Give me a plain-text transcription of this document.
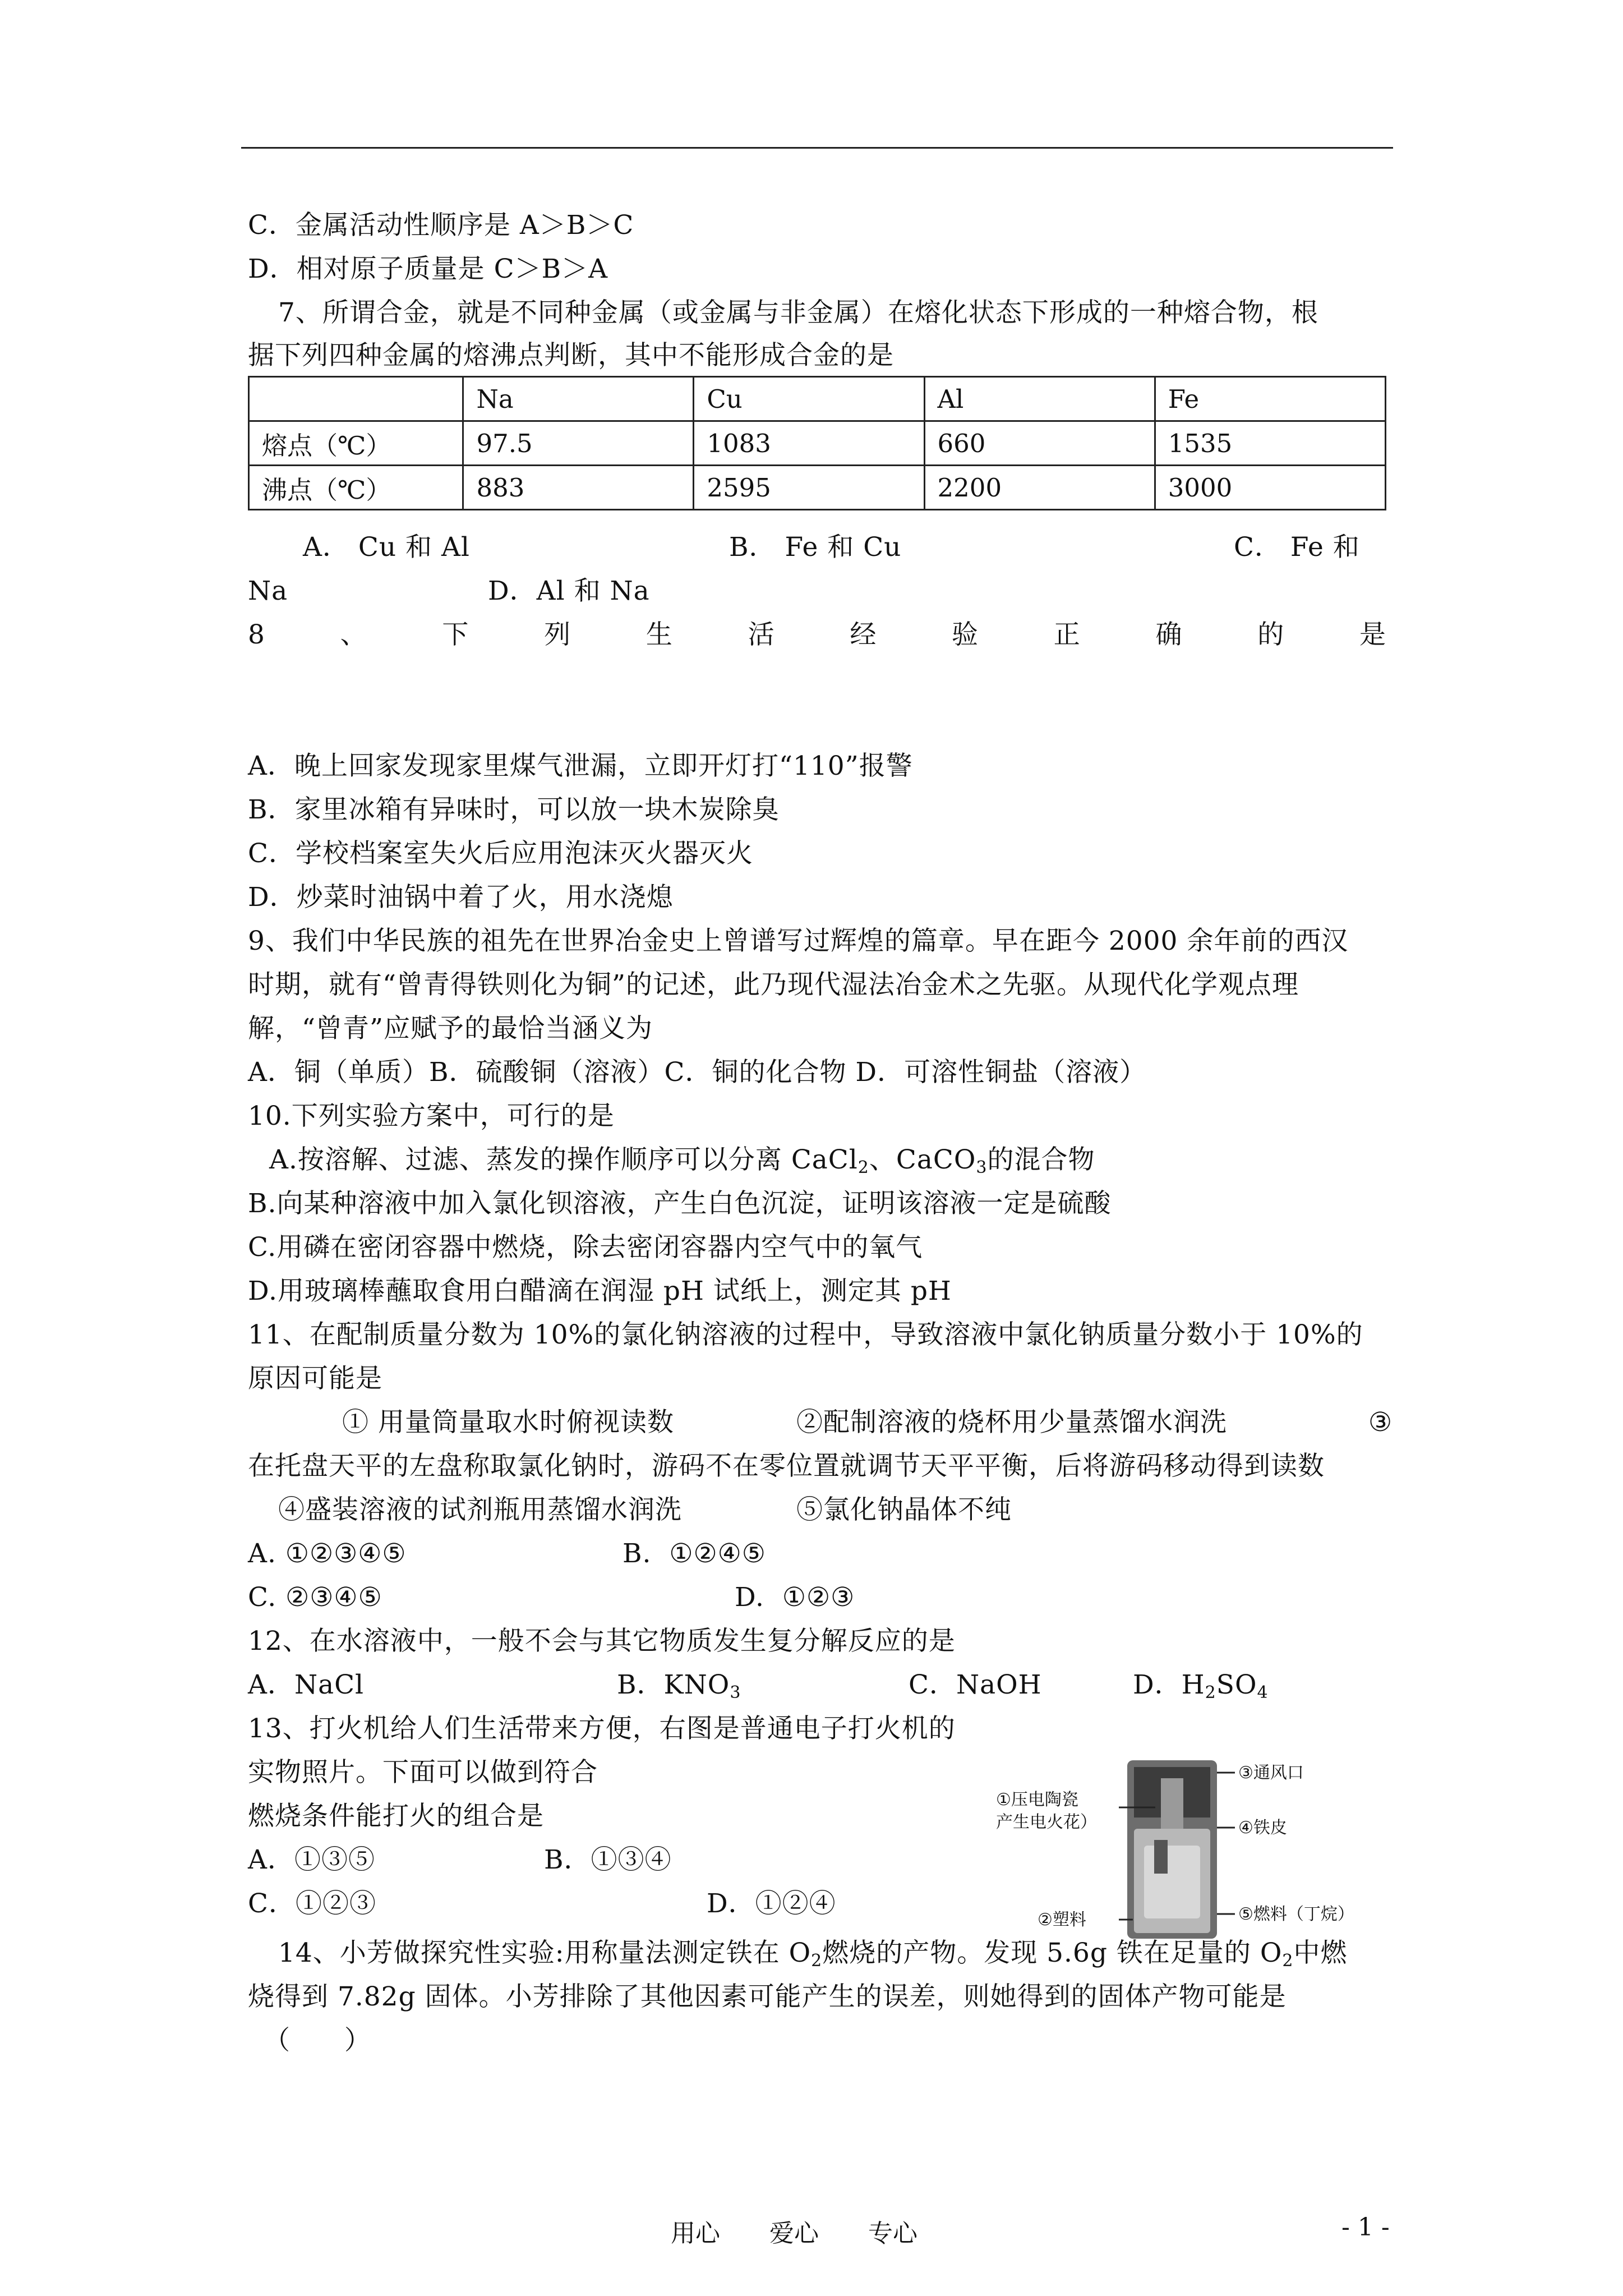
C．金属活动性顺序是 A＞B＞C
D．相对原子质量是 C＞B＞A
7、所谓合金，就是不同种金属（或金属与非金属）在熔化状态下形成的一种熔合物，根
据下列四种金属的熔沸点判断，其中不能形成合金的是
	Na	Cu	Al	Fe
熔点（℃）	97.5	1083	660	1535
沸点（℃）	883	2595	2200	3000
A． Cu 和 Al	B． Fe 和 Cu	C． Fe 和
Na	D．Al 和 Na
8	、	下	列	生	活	经	验	正	确	的	是
A．晚上回家发现家里煤气泄漏，立即开灯打“110”报警
B．家里冰箱有异味时，可以放一块木炭除臭
C．学校档案室失火后应用泡沫灭火器灭火
D．炒菜时油锅中着了火，用水浇熄
9、我们中华民族的祖先在世界冶金史上曾谱写过辉煌的篇章。早在距今 2000 余年前的西汉
时期，就有“曾青得铁则化为铜”的记述，此乃现代湿法冶金术之先驱。从现代化学观点理
解，“曾青”应赋予的最恰当涵义为
A．铜（单质）B．硫酸铜（溶液）C．铜的化合物 D．可溶性铜盐（溶液）
10.下列实验方案中，可行的是
A.按溶解、过滤、蒸发的操作顺序可以分离 CaCl$_2$、CaCO$_3$的混合物
B.向某种溶液中加入氯化钡溶液，产生白色沉淀，证明该溶液一定是硫酸
C.用磷在密闭容器中燃烧，除去密闭容器内空气中的氧气
D.用玻璃棒蘸取食用白醋滴在润湿 pH 试纸上，测定其 pH
11、在配制质量分数为 10%的氯化钠溶液的过程中，导致溶液中氯化钠质量分数小于 10%的
原因可能是
① 用量筒量取水时俯视读数	②配制溶液的烧杯用少量蒸馏水润洗	③
在托盘天平的左盘称取氯化钠时，游码不在零位置就调节天平平衡，后将游码移动得到读数
④盛装溶液的试剂瓶用蒸馏水润洗	⑤氯化钠晶体不纯
A. ①②③④⑤	B.  ①②④⑤
C. ②③④⑤	D.  ①②③
12、在水溶液中，一般不会与其它物质发生复分解反应的是
A．NaCl	B．$KNO_3$	C．NaOH	D．$H_2SO_4$
13、打火机给人们生活带来方便，右图是普通电子打火机的
实物照片。下面可以做到符合
燃烧条件能打火的组合是
A．①③⑤	B．①③④
C．①②③	D．①②④
①压电陶瓷
产生电火花）
②塑料
③通风口
④铁皮
⑤燃料（丁烷）
14、小芳做探究性实验:用称量法测定铁在 $O_2$燃烧的产物。发现 5.6g 铁在足量的 $O_2$中燃
烧得到 7.82g 固体。小芳排除了其他因素可能产生的误差，则她得到的固体产物可能是
（　　）
用心　　爱心　　专心	- 1 -
